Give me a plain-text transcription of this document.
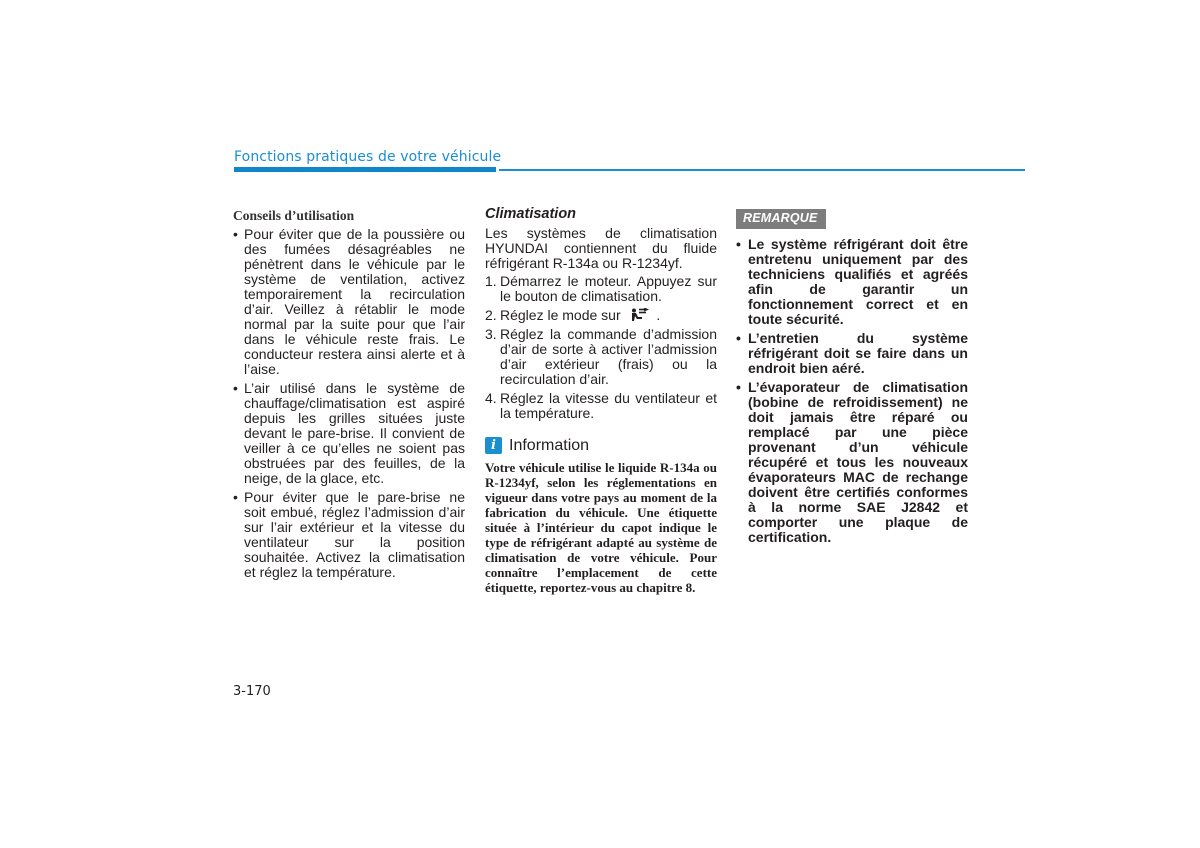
Fonctions pratiques de votre véhicule
Conseils d’utilisation
• Pour éviter que de la poussière ou des fumées désagréables ne pénètrent dans le véhicule par le système de ventilation, activez temporairement la recirculation d’air. Veillez à rétablir le mode normal par la suite pour que l’air dans le véhicule reste frais. Le conducteur restera ainsi alerte et à l’aise.
• L’air utilisé dans le système de chauffage/climatisation est aspiré depuis les grilles situées juste devant le pare-brise. Il convient de veiller à ce qu’elles ne soient pas obstruées par des feuilles, de la neige, de la glace, etc.
• Pour éviter que le pare-brise ne soit embué, réglez l’admission d’air sur l’air extérieur et la vitesse du ventilateur sur la position souhaitée. Activez la climatisation et réglez la température.
Climatisation

Les systèmes de climatisation HYUNDAI contiennent du fluide réfrigérant R-134a ou R-1234yf.

1. Démarrez le moteur. Appuyez sur le bouton de climatisation.
2. Réglez le mode sur	.
3. Réglez la commande d’admission d’air de sorte à activer l’admission d’air extérieur (frais) ou la recirculation d’air.
4. Réglez la vitesse du ventilateur et la température.
i Information
Votre véhicule utilise le liquide R-134a ou R-1234yf, selon les réglementations en vigueur dans votre pays au moment de la fabrication du véhicule. Une étiquette située à l’intérieur du capot indique le type de réfrigérant adapté au système de climatisation de votre véhicule. Pour connaître l’emplacement de cette étiquette, reportez-vous au chapitre 8.
REMARQUE
• Le système réfrigérant doit être entretenu uniquement par des techniciens qualifiés et agréés afin de garantir un fonctionnement correct et en toute sécurité.
• L’entretien du système réfrigérant doit se faire dans un endroit bien aéré.
• L’évaporateur de climatisation (bobine de refroidissement) ne doit jamais être réparé ou remplacé par une pièce provenant d’un véhicule récupéré et tous les nouveaux évaporateurs MAC de rechange doivent être certifiés conformes à la norme SAE J2842 et comporter une plaque de certification.
3-170
